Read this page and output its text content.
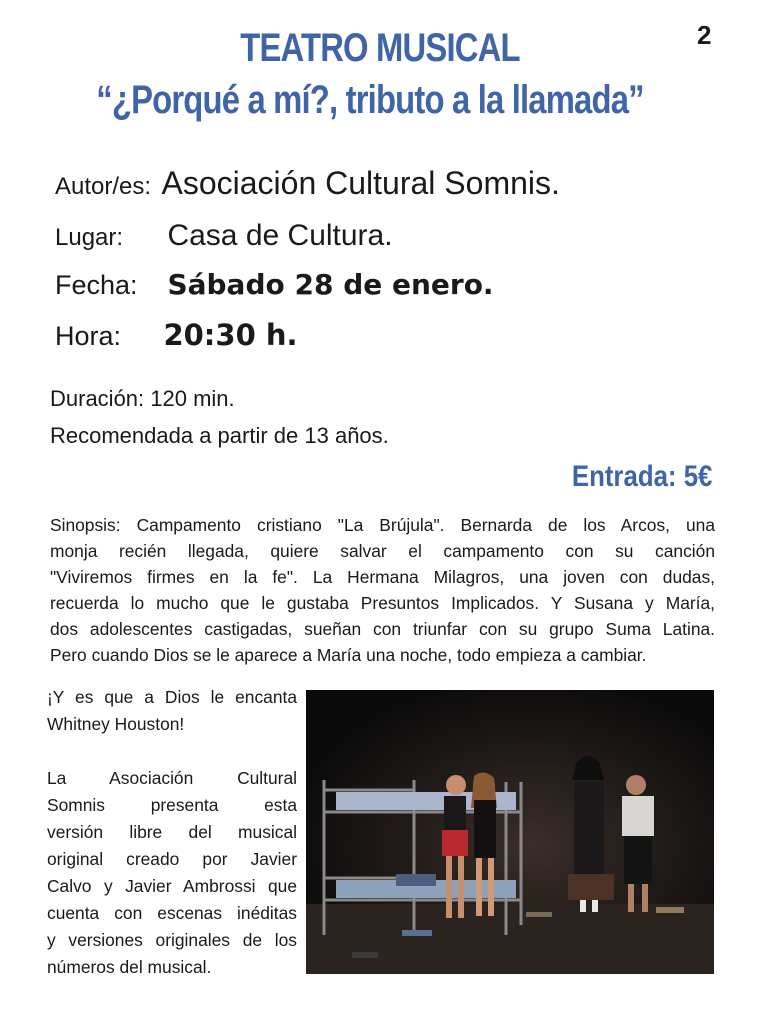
2
TEATRO MUSICAL
“¿Porqué a mí?, tributo a la llamada”
Autor/es: Asociación Cultural Somnis.
Lugar: Casa de Cultura.
Fecha: Sábado 28 de enero.
Hora: 20:30 h.
Duración: 120 min.
Recomendada a partir de 13 años.
Entrada: 5€
Sinopsis: Campamento cristiano "La Brújula". Bernarda de los Arcos, una
monja recién llegada, quiere salvar el campamento con su canción
"Viviremos firmes en la fe". La Hermana Milagros, una joven con dudas,
recuerda lo mucho que le gustaba Presuntos Implicados. Y Susana y María,
dos adolescentes castigadas, sueñan con triunfar con su grupo Suma Latina.
Pero cuando Dios se le aparece a María una noche, todo empieza a cambiar.
¡Y es que a Dios le encanta
Whitney Houston!
La Asociación Cultural
Somnis presenta esta
versión libre del musical
original creado por Javier
Calvo y Javier Ambrossi que
cuenta con escenas inéditas
y versiones originales de los
números del musical.
